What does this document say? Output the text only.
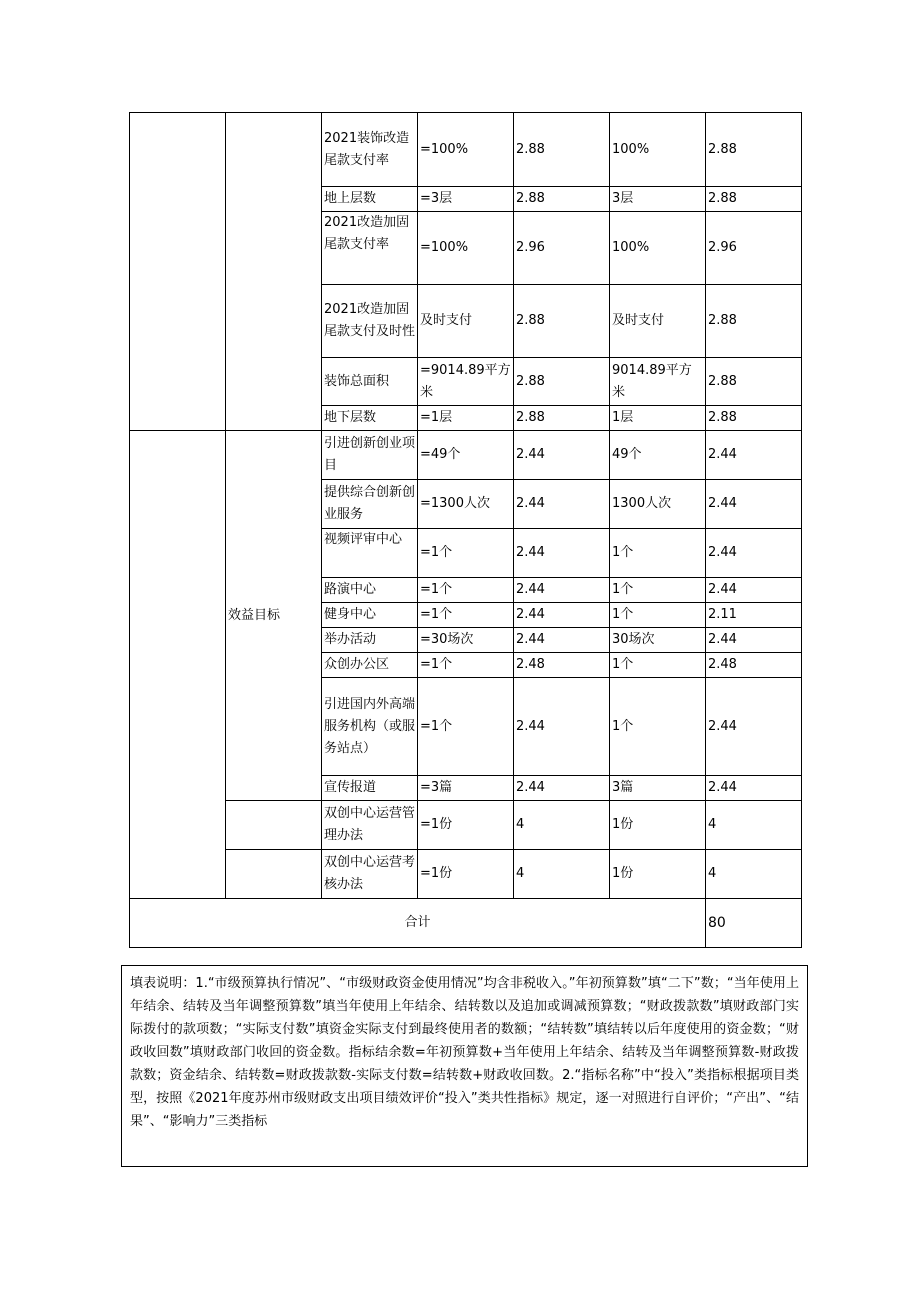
		2021装饰改造尾款支付率	=100%	2.88	100%	2.88
		地上层数	=3层	2.88	3层	2.88
		2021改造加固尾款支付率	=100%	2.96	100%	2.96
		2021改造加固尾款支付及时性	及时支付	2.88	及时支付	2.88
		装饰总面积	=9014.89平方米	2.88	9014.89平方米	2.88
		地下层数	=1层	2.88	1层	2.88
	效益目标	引进创新创业项目	=49个	2.44	49个	2.44
		提供综合创新创业服务	=1300人次	2.44	1300人次	2.44
		视频评审中心	=1个	2.44	1个	2.44
		路演中心	=1个	2.44	1个	2.44
		健身中心	=1个	2.44	1个	2.11
		举办活动	=30场次	2.44	30场次	2.44
		众创办公区	=1个	2.48	1个	2.48
		引进国内外高端服务机构（或服务站点）	=1个	2.44	1个	2.44
		宣传报道	=3篇	2.44	3篇	2.44
		双创中心运营管理办法	=1份	4	1份	4
		双创中心运营考核办法	=1份	4	1份	4
合计						80
填表说明：1.“市级预算执行情况”、“市级财政资金使用情况”均含非税收入。”年初预算数”填“二下”数；“当年使用上年结余、结转及当年调整预算数”填当年使用上年结余、结转数以及追加或调减预算数；“财政拨款数”填财政部门实际拨付的款项数；“实际支付数”填资金实际支付到最终使用者的数额；“结转数”填结转以后年度使用的资金数；“财政收回数”填财政部门收回的资金数。指标结余数=年初预算数+当年使用上年结余、结转及当年调整预算数-财政拨款数；资金结余、结转数=财政拨款数-实际支付数=结转数+财政收回数。2.“指标名称”中“投入”类指标根据项目类型，按照《2021年度苏州市级财政支出项目绩效评价“投入”类共性指标》规定，逐一对照进行自评价；“产出”、“结果”、“影响力”三类指标
